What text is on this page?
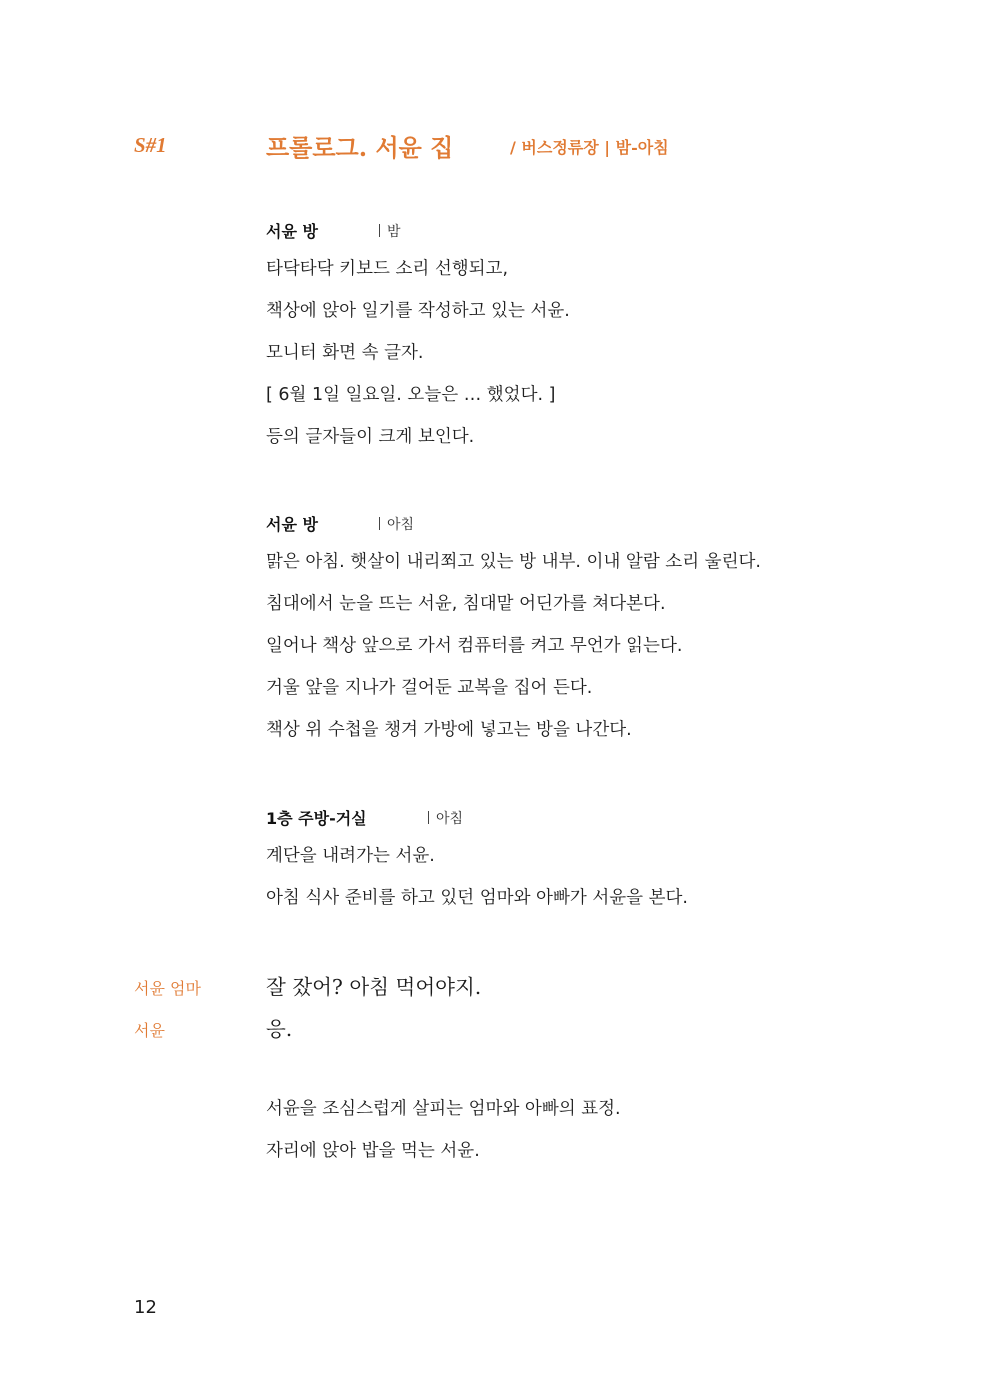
S#1	프롤로그. 서윤 집	/ 버스정류장 | 밤-아침
서윤 방	밤
타닥타닥 키보드 소리 선행되고,
책상에 앉아 일기를 작성하고 있는 서윤.
모니터 화면 속 글자.
[ 6월 1일 일요일. 오늘은 … 했었다. ]
등의 글자들이 크게 보인다.
서윤 방	아침
맑은 아침. 햇살이 내리쬐고 있는 방 내부. 이내 알람 소리 울린다.
침대에서 눈을 뜨는 서윤, 침대맡 어딘가를 쳐다본다.
일어나 책상 앞으로 가서 컴퓨터를 켜고 무언가 읽는다.
거울 앞을 지나가 걸어둔 교복을 집어 든다.
책상 위 수첩을 챙겨 가방에 넣고는 방을 나간다.
1층 주방-거실	아침
계단을 내려가는 서윤.
아침 식사 준비를 하고 있던 엄마와 아빠가 서윤을 본다.
서윤 엄마	잘 잤어? 아침 먹어야지.
서윤	응.
서윤을 조심스럽게 살피는 엄마와 아빠의 표정.
자리에 앉아 밥을 먹는 서윤.
12
